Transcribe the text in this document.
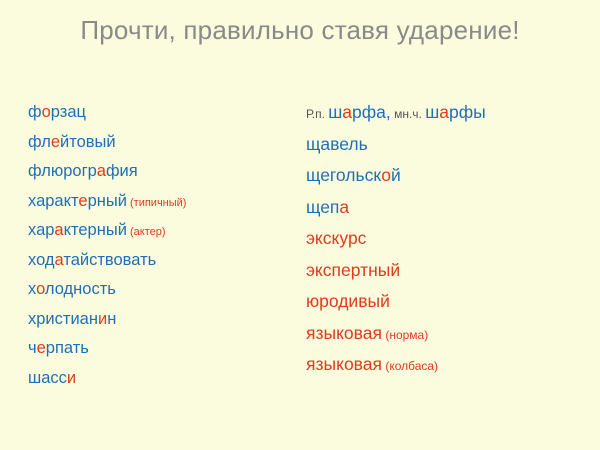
Прочти, правильно ставя ударение!
форзац
флейтовый
флюрография
характерный (типичный)
характерный (актер)
ходатайствовать
холодность
христианин
черпать
шасси
Р.п. шарфа, мн.ч. шарфы
щавель
щегольской
щепа
экскурс
экспертный
юродивый
языковая (норма)
языковая (колбаса)
